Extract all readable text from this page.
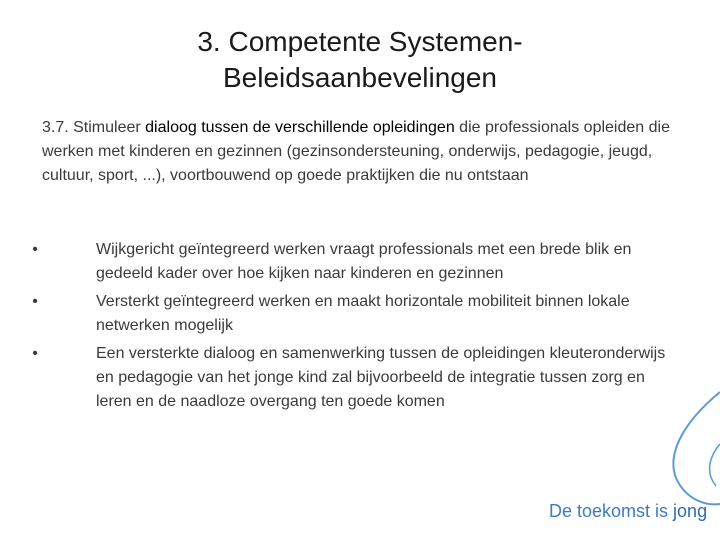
3. Competente Systemen-
Beleidsaanbevelingen
3.7. Stimuleer dialoog tussen de verschillende opleidingen die professionals opleiden die werken met kinderen en gezinnen (gezinsondersteuning, onderwijs, pedagogie, jeugd, cultuur, sport, ...), voortbouwend op goede praktijken die nu ontstaan
•	Wijkgericht geïntegreerd werken vraagt professionals met een brede blik en gedeeld kader over hoe kijken naar kinderen en gezinnen
•	Versterkt geïntegreerd werken en maakt horizontale mobiliteit binnen lokale netwerken mogelijk
•	Een versterkte dialoog en samenwerking tussen de opleidingen kleuteronderwijs en pedagogie van het jonge kind zal bijvoorbeeld de integratie tussen zorg en leren en de naadloze overgang ten goede komen
De toekomst is jong
